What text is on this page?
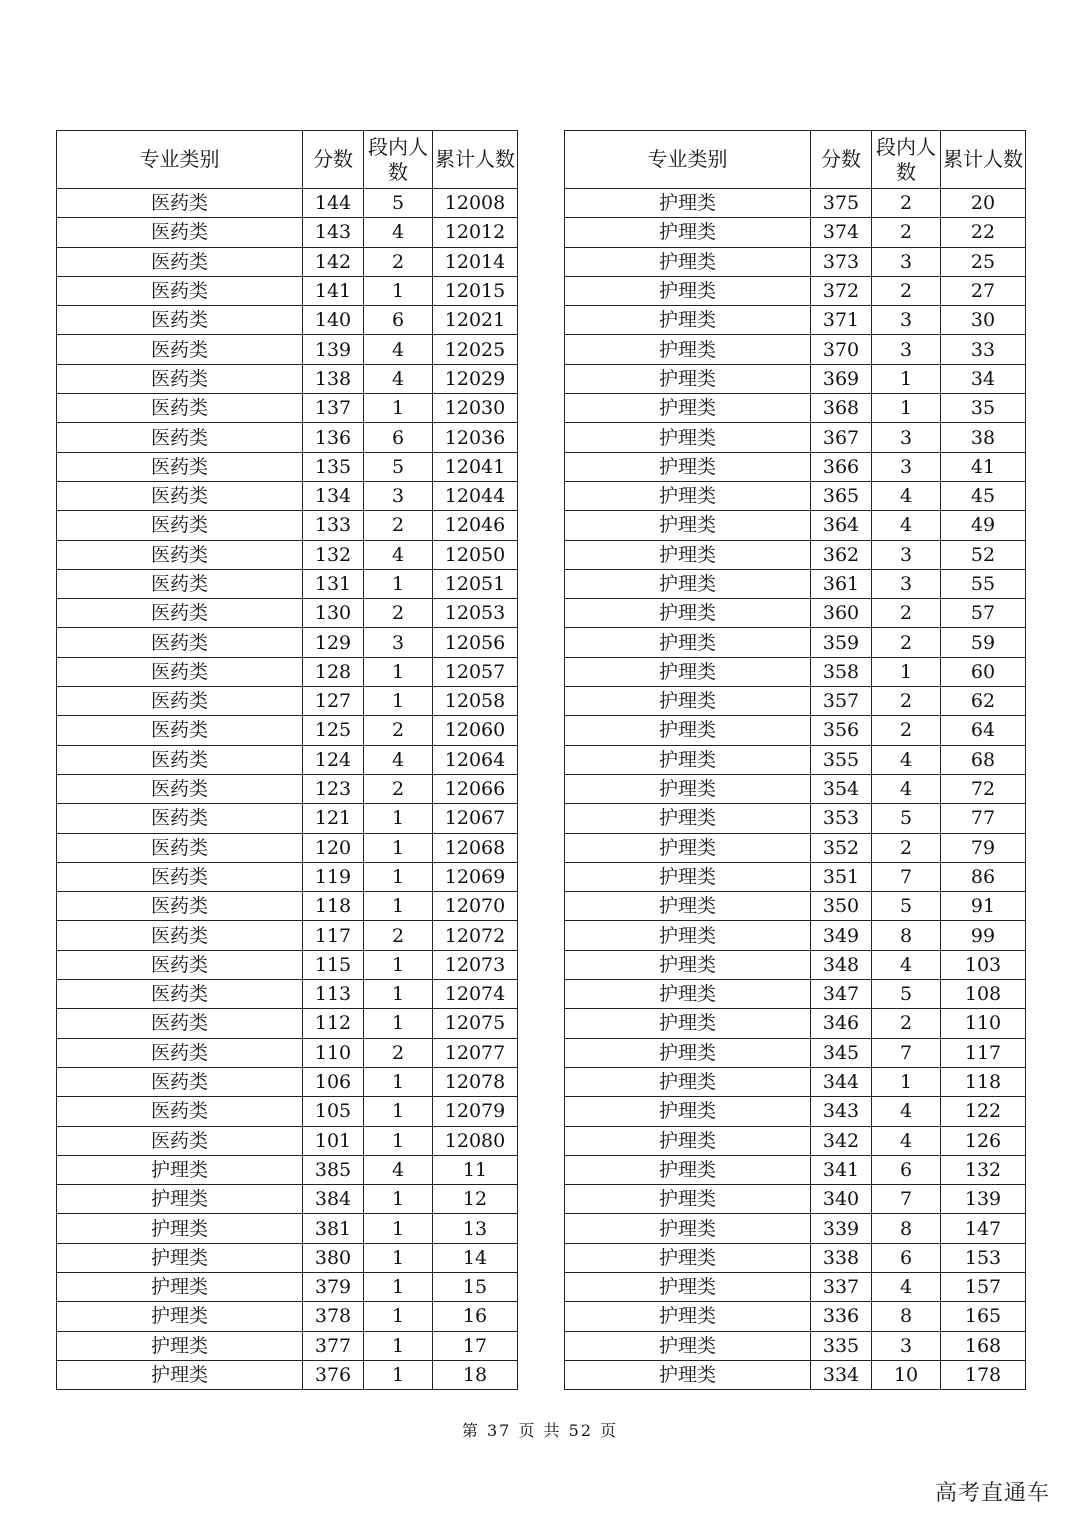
专业类别	分数	段内人数	累计人数
医药类	144	5	12008
医药类	143	4	12012
医药类	142	2	12014
医药类	141	1	12015
医药类	140	6	12021
医药类	139	4	12025
医药类	138	4	12029
医药类	137	1	12030
医药类	136	6	12036
医药类	135	5	12041
医药类	134	3	12044
医药类	133	2	12046
医药类	132	4	12050
医药类	131	1	12051
医药类	130	2	12053
医药类	129	3	12056
医药类	128	1	12057
医药类	127	1	12058
医药类	125	2	12060
医药类	124	4	12064
医药类	123	2	12066
医药类	121	1	12067
医药类	120	1	12068
医药类	119	1	12069
医药类	118	1	12070
医药类	117	2	12072
医药类	115	1	12073
医药类	113	1	12074
医药类	112	1	12075
医药类	110	2	12077
医药类	106	1	12078
医药类	105	1	12079
医药类	101	1	12080
护理类	385	4	11
护理类	384	1	12
护理类	381	1	13
护理类	380	1	14
护理类	379	1	15
护理类	378	1	16
护理类	377	1	17
护理类	376	1	18
专业类别	分数	段内人数	累计人数
护理类	375	2	20
护理类	374	2	22
护理类	373	3	25
护理类	372	2	27
护理类	371	3	30
护理类	370	3	33
护理类	369	1	34
护理类	368	1	35
护理类	367	3	38
护理类	366	3	41
护理类	365	4	45
护理类	364	4	49
护理类	362	3	52
护理类	361	3	55
护理类	360	2	57
护理类	359	2	59
护理类	358	1	60
护理类	357	2	62
护理类	356	2	64
护理类	355	4	68
护理类	354	4	72
护理类	353	5	77
护理类	352	2	79
护理类	351	7	86
护理类	350	5	91
护理类	349	8	99
护理类	348	4	103
护理类	347	5	108
护理类	346	2	110
护理类	345	7	117
护理类	344	1	118
护理类	343	4	122
护理类	342	4	126
护理类	341	6	132
护理类	340	7	139
护理类	339	8	147
护理类	338	6	153
护理类	337	4	157
护理类	336	8	165
护理类	335	3	168
护理类	334	10	178
第 37 页 共 52 页
高考直通车
